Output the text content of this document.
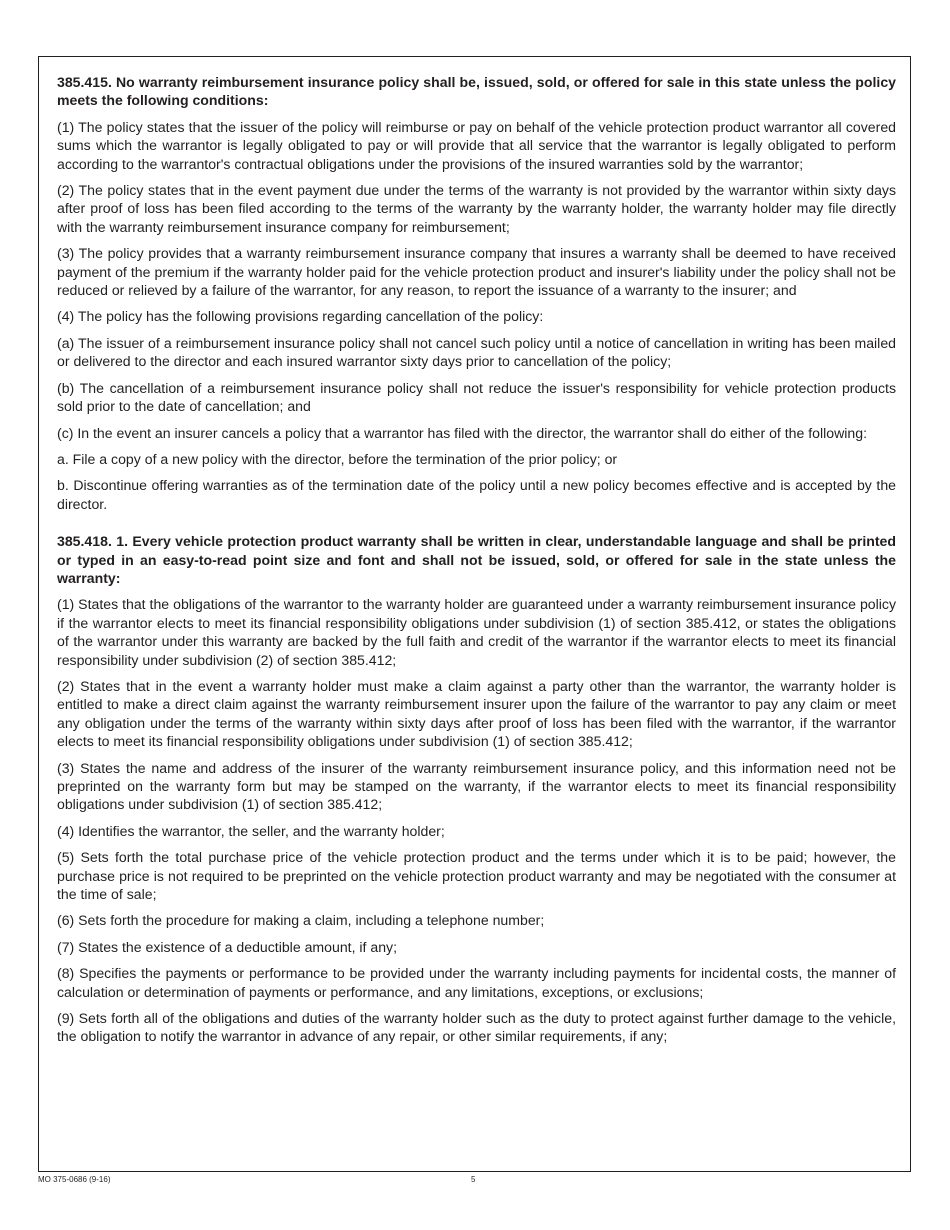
385.415. No warranty reimbursement insurance policy shall be, issued, sold, or offered for sale in this state unless the policy meets the following conditions:

(1) The policy states that the issuer of the policy will reimburse or pay on behalf of the vehicle protection product warrantor all covered sums which the warrantor is legally obligated to pay or will provide that all service that the warrantor is legally obligated to perform according to the warrantor's contractual obligations under the provisions of the insured warranties sold by the warrantor;

(2) The policy states that in the event payment due under the terms of the warranty is not provided by the warrantor within sixty days after proof of loss has been filed according to the terms of the warranty by the warranty holder, the warranty holder may file directly with the warranty reimbursement insurance company for reimbursement;

(3) The policy provides that a warranty reimbursement insurance company that insures a warranty shall be deemed to have received payment of the premium if the warranty holder paid for the vehicle protection product and insurer's liability under the policy shall not be reduced or relieved by a failure of the warrantor, for any reason, to report the issuance of a warranty to the insurer; and

(4) The policy has the following provisions regarding cancellation of the policy:

(a) The issuer of a reimbursement insurance policy shall not cancel such policy until a notice of cancellation in writing has been mailed or delivered to the director and each insured warrantor sixty days prior to cancellation of the policy;

(b) The cancellation of a reimbursement insurance policy shall not reduce the issuer's responsibility for vehicle protection products sold prior to the date of cancellation; and

(c) In the event an insurer cancels a policy that a warrantor has filed with the director, the warrantor shall do either of the following:

a. File a copy of a new policy with the director, before the termination of the prior policy; or

b. Discontinue offering warranties as of the termination date of the policy until a new policy becomes effective and is accepted by the director.

385.418. 1. Every vehicle protection product warranty shall be written in clear, understandable language and shall be printed or typed in an easy-to-read point size and font and shall not be issued, sold, or offered for sale in the state unless the warranty:

(1) States that the obligations of the warrantor to the warranty holder are guaranteed under a warranty reimbursement insurance policy if the warrantor elects to meet its financial responsibility obligations under subdivision (1) of section 385.412, or states the obligations of the warrantor under this warranty are backed by the full faith and credit of the warrantor if the warrantor elects to meet its financial responsibility under subdivision (2) of section 385.412;

(2) States that in the event a warranty holder must make a claim against a party other than the warrantor, the warranty holder is entitled to make a direct claim against the warranty reimbursement insurer upon the failure of the warrantor to pay any claim or meet any obligation under the terms of the warranty within sixty days after proof of loss has been filed with the warrantor, if the warrantor elects to meet its financial responsibility obligations under subdivision (1) of section 385.412;

(3) States the name and address of the insurer of the warranty reimbursement insurance policy, and this information need not be preprinted on the warranty form but may be stamped on the warranty, if the warrantor elects to meet its financial responsibility obligations under subdivision (1) of section 385.412;

(4) Identifies the warrantor, the seller, and the warranty holder;

(5) Sets forth the total purchase price of the vehicle protection product and the terms under which it is to be paid; however, the purchase price is not required to be preprinted on the vehicle protection product warranty and may be negotiated with the consumer at the time of sale;

(6) Sets forth the procedure for making a claim, including a telephone number;

(7) States the existence of a deductible amount, if any;

(8) Specifies the payments or performance to be provided under the warranty including payments for incidental costs, the manner of calculation or determination of payments or performance, and any limitations, exceptions, or exclusions;

(9) Sets forth all of the obligations and duties of the warranty holder such as the duty to protect against further damage to the vehicle, the obligation to notify the warrantor in advance of any repair, or other similar requirements, if any;

MO 375-0686 (9-16)	5
